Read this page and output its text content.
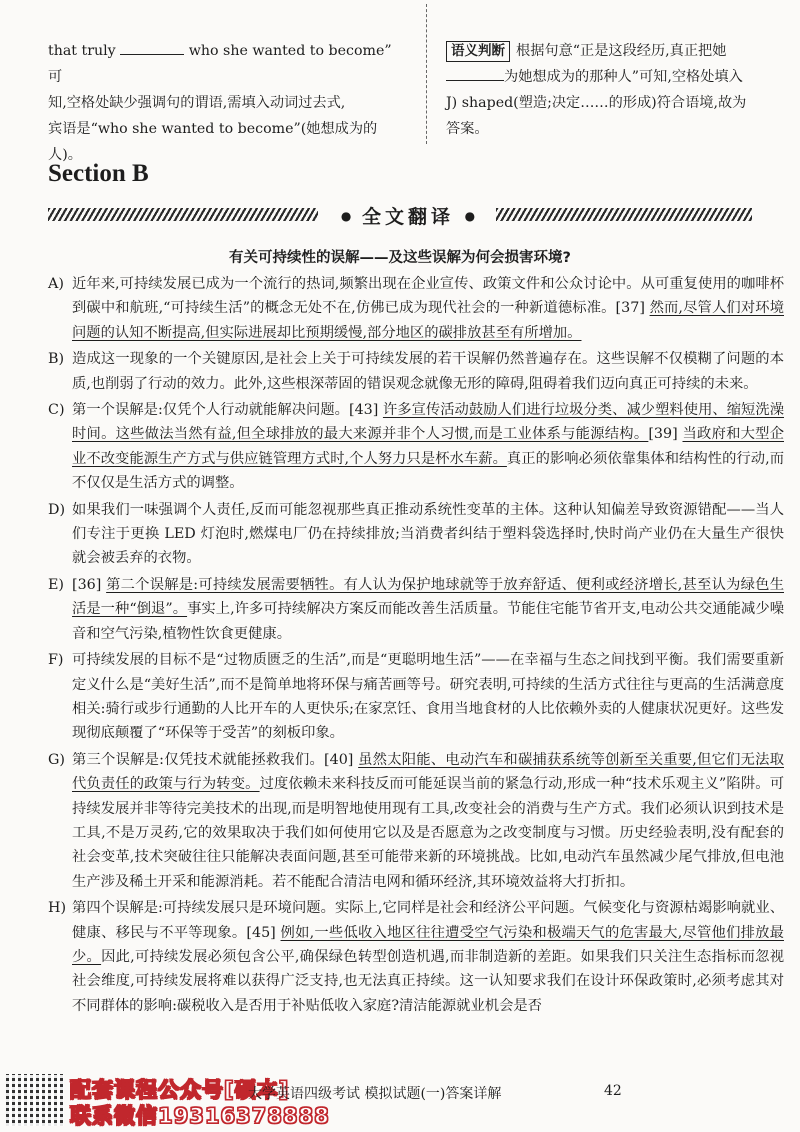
that truly	who she wanted to become” 可
知,空格处缺少强调句的谓语,需填入动词过去式,
宾语是“who she wanted to become”(她想成为的
人)。
语义判断 根据句意“正是这段经历,真正把她
为她想成为的那种人”可知,空格处填入
J) shaped(塑造;决定……的形成)符合语境,故为
答案。
Section B
● 全文翻译 ●
有关可持续性的误解——及这些误解为何会损害环境?
A) 近年来,可持续发展已成为一个流行的热词,频繁出现在企业宣传、政策文件和公众讨论中。从可重复使用的咖啡杯到碳中和航班,“可持续生活”的概念无处不在,仿佛已成为现代社会的一种新道德标准。[37] 然而,尽管人们对环境问题的认知不断提高,但实际进展却比预期缓慢,部分地区的碳排放甚至有所增加。
B) 造成这一现象的一个关键原因,是社会上关于可持续发展的若干误解仍然普遍存在。这些误解不仅模糊了问题的本质,也削弱了行动的效力。此外,这些根深蒂固的错误观念就像无形的障碍,阻碍着我们迈向真正可持续的未来。
C) 第一个误解是:仅凭个人行动就能解决问题。[43] 许多宣传活动鼓励人们进行垃圾分类、减少塑料使用、缩短洗澡时间。这些做法当然有益,但全球排放的最大来源并非个人习惯,而是工业体系与能源结构。[39] 当政府和大型企业不改变能源生产方式与供应链管理方式时,个人努力只是杯水车薪。真正的影响必须依靠集体和结构性的行动,而不仅仅是生活方式的调整。
D) 如果我们一味强调个人责任,反而可能忽视那些真正推动系统性变革的主体。这种认知偏差导致资源错配——当人们专注于更换 LED 灯泡时,燃煤电厂仍在持续排放;当消费者纠结于塑料袋选择时,快时尚产业仍在大量生产很快就会被丢弃的衣物。
E) [36] 第二个误解是:可持续发展需要牺牲。有人认为保护地球就等于放弃舒适、便利或经济增长,甚至认为绿色生活是一种“倒退”。事实上,许多可持续解决方案反而能改善生活质量。节能住宅能节省开支,电动公共交通能减少噪音和空气污染,植物性饮食更健康。
F) 可持续发展的目标不是“过物质匮乏的生活”,而是“更聪明地生活”——在幸福与生态之间找到平衡。我们需要重新定义什么是“美好生活”,而不是简单地将环保与痛苦画等号。研究表明,可持续的生活方式往往与更高的生活满意度相关:骑行或步行通勤的人比开车的人更快乐;在家烹饪、食用当地食材的人比依赖外卖的人健康状况更好。这些发现彻底颠覆了“环保等于受苦”的刻板印象。
G) 第三个误解是:仅凭技术就能拯救我们。[40] 虽然太阳能、电动汽车和碳捕获系统等创新至关重要,但它们无法取代负责任的政策与行为转变。过度依赖未来科技反而可能延误当前的紧急行动,形成一种“技术乐观主义”陷阱。可持续发展并非等待完美技术的出现,而是明智地使用现有工具,改变社会的消费与生产方式。我们必须认识到技术是工具,不是万灵药,它的效果取决于我们如何使用它以及是否愿意为之改变制度与习惯。历史经验表明,没有配套的社会变革,技术突破往往只能解决表面问题,甚至可能带来新的环境挑战。比如,电动汽车虽然减少尾气排放,但电池生产涉及稀土开采和能源消耗。若不能配合清洁电网和循环经济,其环境效益将大打折扣。
H) 第四个误解是:可持续发展只是环境问题。实际上,它同样是社会和经济公平问题。气候变化与资源枯竭影响就业、健康、移民与不平等现象。[45] 例如,一些低收入地区往往遭受空气污染和极端天气的危害最大,尽管他们排放最少。因此,可持续发展必须包含公平,确保绿色转型创造机遇,而非制造新的差距。如果我们只关注生态指标而忽视社会维度,可持续发展将难以获得广泛支持,也无法真正持续。这一认知要求我们在设计环保政策时,必须考虑其对不同群体的影响:碳税收入是否用于补贴低收入家庭?清洁能源就业机会是否
配套课程公众号[硕本]
联系微信19316378888
大学英语四级考试 模拟试题(一)答案详解	42
